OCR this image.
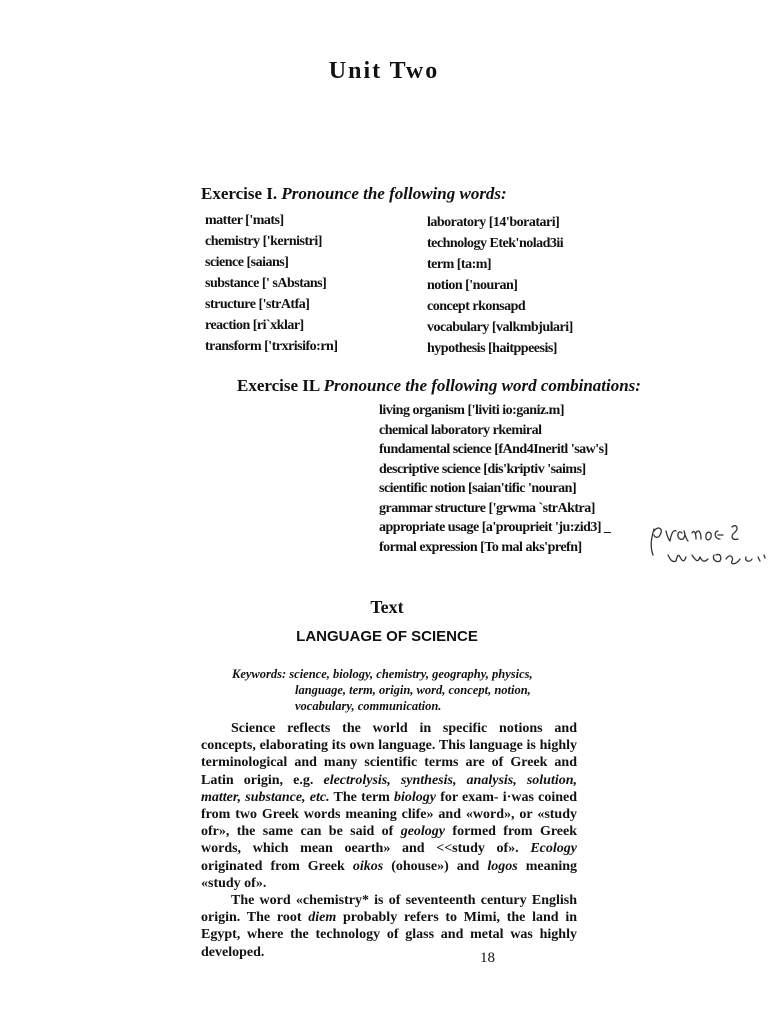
Unit Two
Exercise I. Pronounce the following words:
matter ['mats]
chemistry ['kernistri]
science [saians]
substance [' sAbstans]
structure ['strAtfa]
reaction [ri`xklar]
transform ['trxrisifo:rn]
laboratory [14'boratari]
technology Etek'nolad3ii
term [ta:m]
notion ['nouran]
concept rkonsapd
vocabulary [valkmbjulari]
hypothesis [haitppeesis]
Exercise IL Pronounce the following word combinations:
living organism ['liviti io:ganiz.m]
chemical laboratory rkemiral
fundamental science [fAnd4Ineritl 'saw's]
descriptive science [dis'kriptiv 'saims]
scientific notion [saian'tific 'nouran]
grammar structure ['grwma `strAktra]
appropriate usage [a'prouprieit 'ju:zid3] _
formal expression [To mal aks'prefn]
Text
LANGUAGE OF SCIENCE
Keywords: science, biology, chemistry, geography, physics,
language, term, origin, word, concept, notion,
vocabulary, communication.

Science reflects the world in specific notions and concepts, elaborating its own language. This language is highly terminological and many scientific terms are of Greek and Latin origin, e.g. electrolysis, synthesis, analysis, solution, matter, substance, etc. The term biology for exam- i·was coined from two Greek words meaning clife» and «word», or «study ofr», the same can be said of geology formed from Greek words, which mean oearth» and <<study of». Ecology originated from Greek oikos (ohouse») and logos meaning «study of».

The word «chemistry* is of seventeenth century English origin. The root diem probably refers to Mimi, the land in Egypt, where the technology of glass and metal was highly developed.	18
